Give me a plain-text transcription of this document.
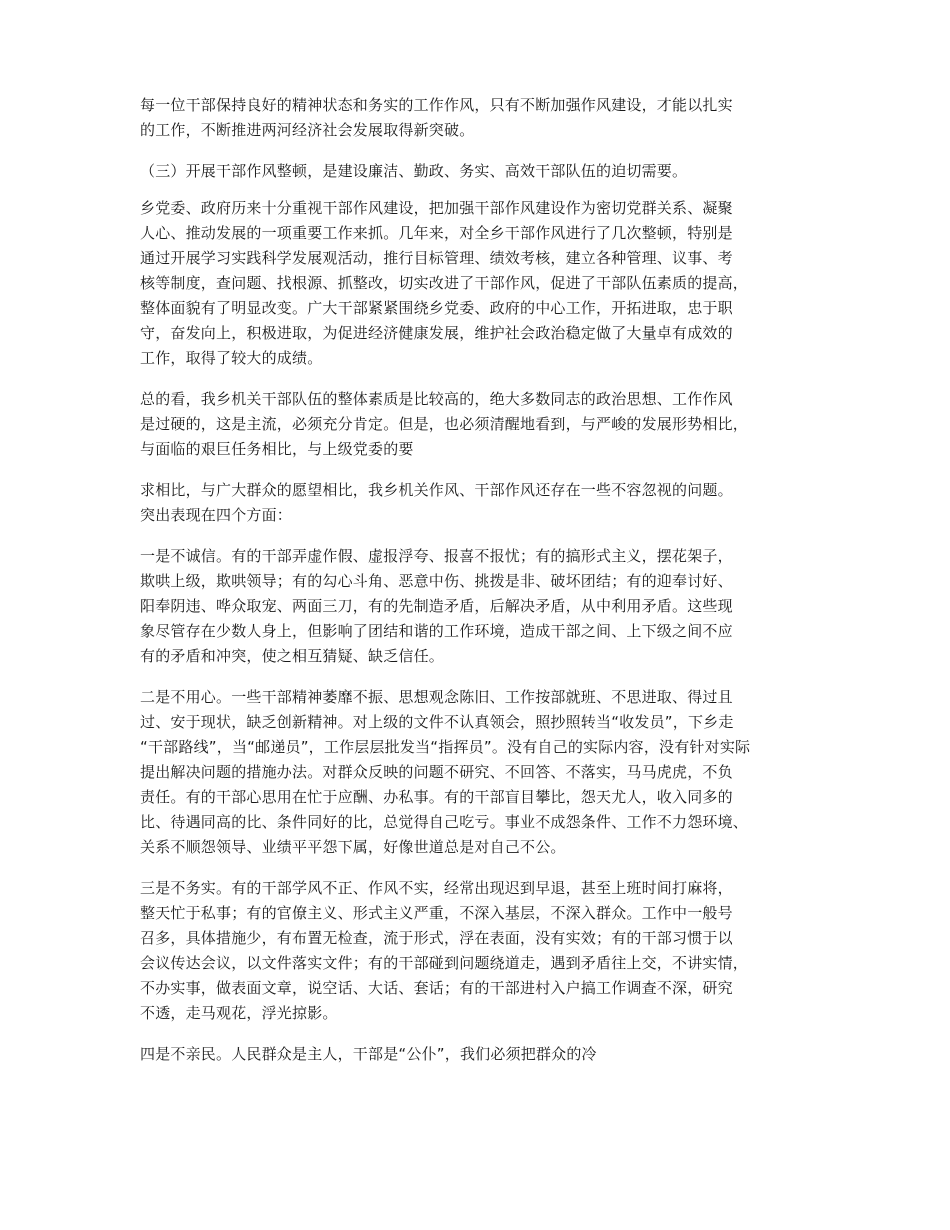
每一位干部保持良好的精神状态和务实的工作作风，只有不断加强作风建设，才能以扎实
的工作，不断推进两河经济社会发展取得新突破。

（三）开展干部作风整顿，是建设廉洁、勤政、务实、高效干部队伍的迫切需要。

乡党委、政府历来十分重视干部作风建设，把加强干部作风建设作为密切党群关系、凝聚
人心、推动发展的一项重要工作来抓。几年来，对全乡干部作风进行了几次整顿，特别是
通过开展学习实践科学发展观活动，推行目标管理、绩效考核，建立各种管理、议事、考
核等制度，查问题、找根源、抓整改，切实改进了干部作风，促进了干部队伍素质的提高，
整体面貌有了明显改变。广大干部紧紧围绕乡党委、政府的中心工作，开拓进取，忠于职
守，奋发向上，积极进取，为促进经济健康发展，维护社会政治稳定做了大量卓有成效的
工作，取得了较大的成绩。

总的看，我乡机关干部队伍的整体素质是比较高的，绝大多数同志的政治思想、工作作风
是过硬的，这是主流，必须充分肯定。但是，也必须清醒地看到，与严峻的发展形势相比，
与面临的艰巨任务相比，与上级党委的要

求相比，与广大群众的愿望相比，我乡机关作风、干部作风还存在一些不容忽视的问题。
突出表现在四个方面：

一是不诚信。有的干部弄虚作假、虚报浮夸、报喜不报忧；有的搞形式主义，摆花架子，
欺哄上级，欺哄领导；有的勾心斗角、恶意中伤、挑拨是非、破坏团结；有的迎奉讨好、
阳奉阴违、哗众取宠、两面三刀，有的先制造矛盾，后解决矛盾，从中利用矛盾。这些现
象尽管存在少数人身上，但影响了团结和谐的工作环境，造成干部之间、上下级之间不应
有的矛盾和冲突，使之相互猜疑、缺乏信任。

二是不用心。一些干部精神萎靡不振、思想观念陈旧、工作按部就班、不思进取、得过且
过、安于现状，缺乏创新精神。对上级的文件不认真领会，照抄照转当“收发员”，下乡走
“干部路线”，当“邮递员”，工作层层批发当“指挥员”。没有自己的实际内容，没有针对实际
提出解决问题的措施办法。对群众反映的问题不研究、不回答、不落实，马马虎虎，不负
责任。有的干部心思用在忙于应酬、办私事。有的干部盲目攀比，怨天尤人，收入同多的
比、待遇同高的比、条件同好的比，总觉得自己吃亏。事业不成怨条件、工作不力怨环境、
关系不顺怨领导、业绩平平怨下属，好像世道总是对自己不公。

三是不务实。有的干部学风不正、作风不实，经常出现迟到早退，甚至上班时间打麻将，
整天忙于私事；有的官僚主义、形式主义严重，不深入基层，不深入群众。工作中一般号
召多，具体措施少，有布置无检查，流于形式，浮在表面，没有实效；有的干部习惯于以
会议传达会议，以文件落实文件；有的干部碰到问题绕道走，遇到矛盾往上交，不讲实情，
不办实事，做表面文章，说空话、大话、套话；有的干部进村入户搞工作调查不深，研究
不透，走马观花，浮光掠影。

四是不亲民。人民群众是主人，干部是“公仆”，我们必须把群众的冷
